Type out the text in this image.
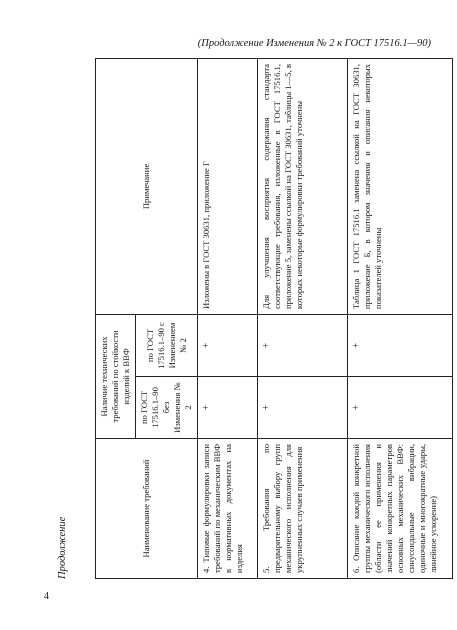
(Продолжение Изменения № 2 к ГОСТ 17516.1—90)
Продолжение	Наименование требований	Наличие технических требований по стойкости изделий к ВВФ		Примечание
	по ГОСТ 17516.1–90 без Изменения № 2	по ГОСТ 17516.1–90 с Изменением № 2	
4. Типовые формулировки записи требований по механическим ВВФ в нормативных документах на изделия	+	+	Изложены в ГОСТ 30631, приложение Г
5. Требования по предварительному выбору групп механического исполнения для укрупненных случаев применения	+	+	Для улучшения восприятия содержания стандарта соответствующие требования, изложенные в ГОСТ 17516.1, приложение 5, заменены ссылкой на ГОСТ 30631, таблицы 1—5, в которых некоторые формулировки требований уточнены
6. Описание каждой конкретной группы механического исполнения (области ее применения и значений конкретных параметров основных механических ВВФ: синусоидальные вибрации, одиночные и многократные удары, линейное ускорение)	+	+	Таблица 1 ГОСТ 17516.1 заменена ссылкой на ГОСТ 30631, приложение Б, в котором значения и описания некоторых показателей уточнены
4
